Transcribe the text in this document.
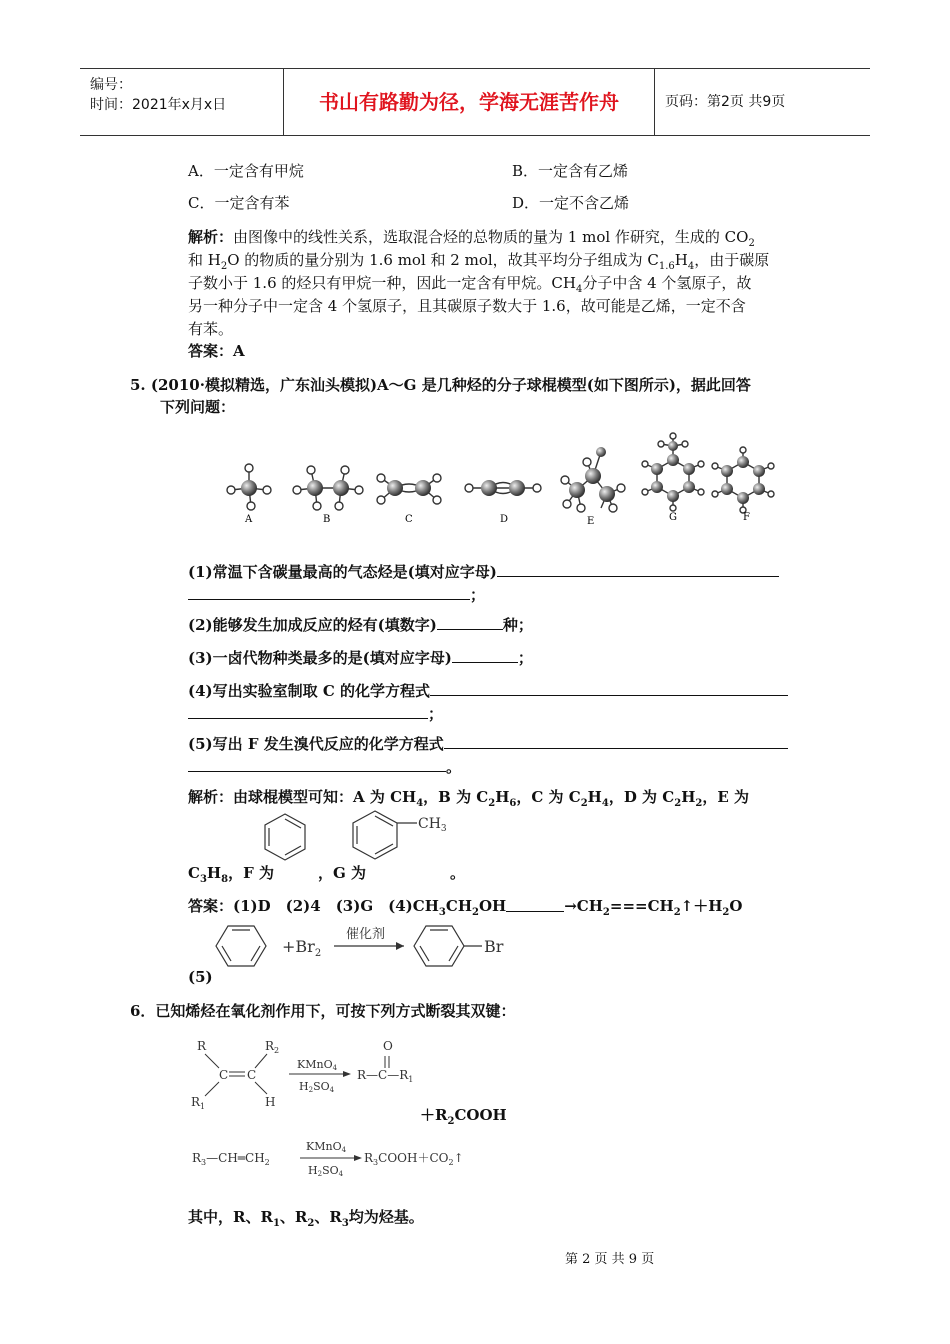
编号：
时间：2021年x月x日	书山有路勤为径，学海无涯苦作舟	页码：第2页 共9页
A．一定含有甲烷	B．一定含有乙烯
C．一定含有苯	D．一定不含乙烯
解析：由图像中的线性关系，选取混合烃的总物质的量为 1 mol 作研究，生成的 $CO_2$
和 $H_2O$ 的物质的量分别为 1.6 mol 和 2 mol，故其平均分子组成为 $C_{1.6}H_4$，由于碳原
子数小于 1.6 的烃只有甲烷一种，因此一定含有甲烷。$CH_4$分子中含 4 个氢原子，故
另一种分子中一定含 4 个氢原子，且其碳原子数大于 1.6，故可能是乙烯，一定不含
有苯。
答案：A
5. (2010·模拟精选，广东汕头模拟)A～G 是几种烃的分子球棍模型(如下图所示)，据此回答
下列问题：
A	B	C	D	E	G	F
(1)常温下含碳量最高的气态烃是(填对应字母)
；
(2)能够发生加成反应的烃有(填数字)	种；
(3)一卤代物种类最多的是(填对应字母)	；
(4)写出实验室制取 C 的化学方程式
；
(5)写出 F 发生溴代反应的化学方程式
。
解析：由球棍模型可知：A 为 $CH_4$，B 为 $C_2H_6$，C 为 $C_2H_4$，D 为 $C_2H_2$，E 为
$CH_3$
$C_3H_8$，F 为	，G 为	。
答案：(1)D　(2)4　(3)G　$(4)CH_3CH_2OH$	$\to CH_2===CH_2↑+H_2O$
$+Br_2$
催化剂
Br
(5)
6．已知烯烃在氧化剂作用下，可按下列方式断裂其双键：
R	$R_2$
C C
$R_1$	H
KMnO4
H2SO4
O
$R—C—R_1$
$+R_2COOH$
$R_3—CH═CH_2$
KMnO4
H2SO4
$R_3COOH+CO_2↑$
其中，R、$R_1$、$R_2$、$R_3$均为烃基。
第 2 页 共 9 页
